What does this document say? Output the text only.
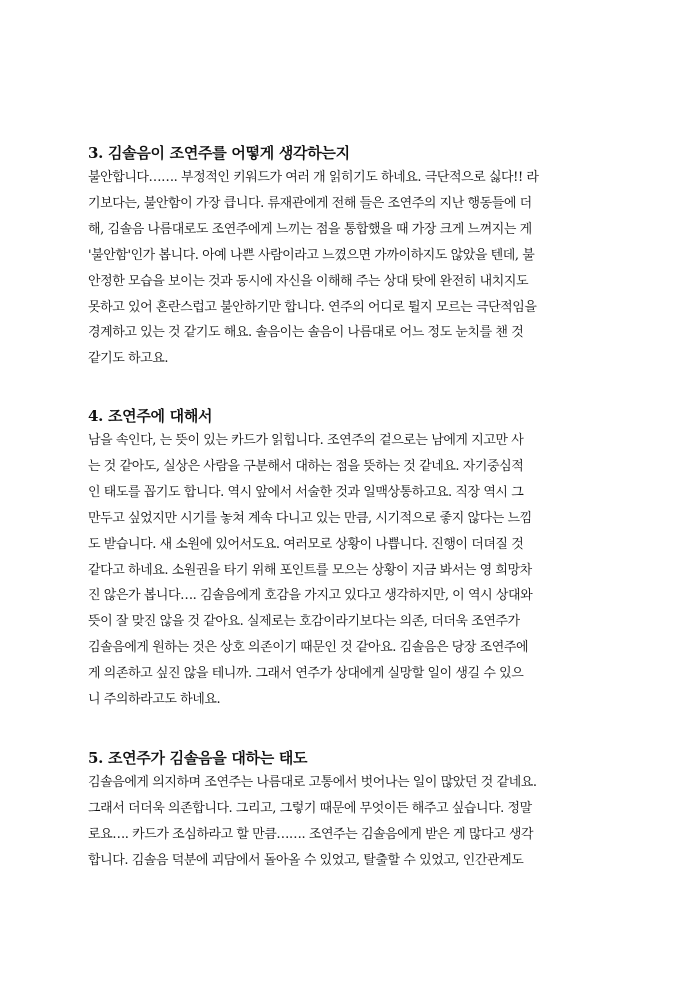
3. 김솔음이 조연주를 어떻게 생각하는지
불안합니다……. 부정적인 키워드가 여러 개 읽히기도 하네요. 극단적으로 싫다!! 라
기보다는, 불안함이 가장 큽니다. 류재관에게 전해 들은 조연주의 지난 행동들에 더
해, 김솔음 나름대로도 조연주에게 느끼는 점을 통합했을 때 가장 크게 느껴지는 게
'불안함'인가 봅니다. 아예 나쁜 사람이라고 느꼈으면 가까이하지도 않았을 텐데, 불
안정한 모습을 보이는 것과 동시에 자신을 이해해 주는 상대 탓에 완전히 내치지도
못하고 있어 혼란스럽고 불안하기만 합니다. 연주의 어디로 튈지 모르는 극단적임을
경계하고 있는 것 같기도 해요. 솔음이는 솔음이 나름대로 어느 정도 눈치를 챈 것
같기도 하고요.
4. 조연주에 대해서
남을 속인다, 는 뜻이 있는 카드가 읽힙니다. 조연주의 겉으로는 남에게 지고만 사
는 것 같아도, 실상은 사람을 구분해서 대하는 점을 뜻하는 것 같네요. 자기중심적
인 태도를 꼽기도 합니다. 역시 앞에서 서술한 것과 일맥상통하고요. 직장 역시 그
만두고 싶었지만 시기를 놓쳐 계속 다니고 있는 만큼, 시기적으로 좋지 않다는 느낌
도 받습니다. 새 소원에 있어서도요. 여러모로 상황이 나쁩니다. 진행이 더뎌질 것
같다고 하네요. 소원권을 타기 위해 포인트를 모으는 상황이 지금 봐서는 영 희망차
진 않은가 봅니다…. 김솔음에게 호감을 가지고 있다고 생각하지만, 이 역시 상대와
뜻이 잘 맞진 않을 것 같아요. 실제로는 호감이라기보다는 의존, 더더욱 조연주가
김솔음에게 원하는 것은 상호 의존이기 때문인 것 같아요. 김솔음은 당장 조연주에
게 의존하고 싶진 않을 테니까. 그래서 연주가 상대에게 실망할 일이 생길 수 있으
니 주의하라고도 하네요.
5. 조연주가 김솔음을 대하는 태도
김솔음에게 의지하며 조연주는 나름대로 고통에서 벗어나는 일이 많았던 것 같네요.
그래서 더더욱 의존합니다. 그리고, 그렇기 때문에 무엇이든 해주고 싶습니다. 정말
로요…. 카드가 조심하라고 할 만큼……. 조연주는 김솔음에게 받은 게 많다고 생각
합니다. 김솔음 덕분에 괴담에서 돌아올 수 있었고, 탈출할 수 있었고, 인간관계도
